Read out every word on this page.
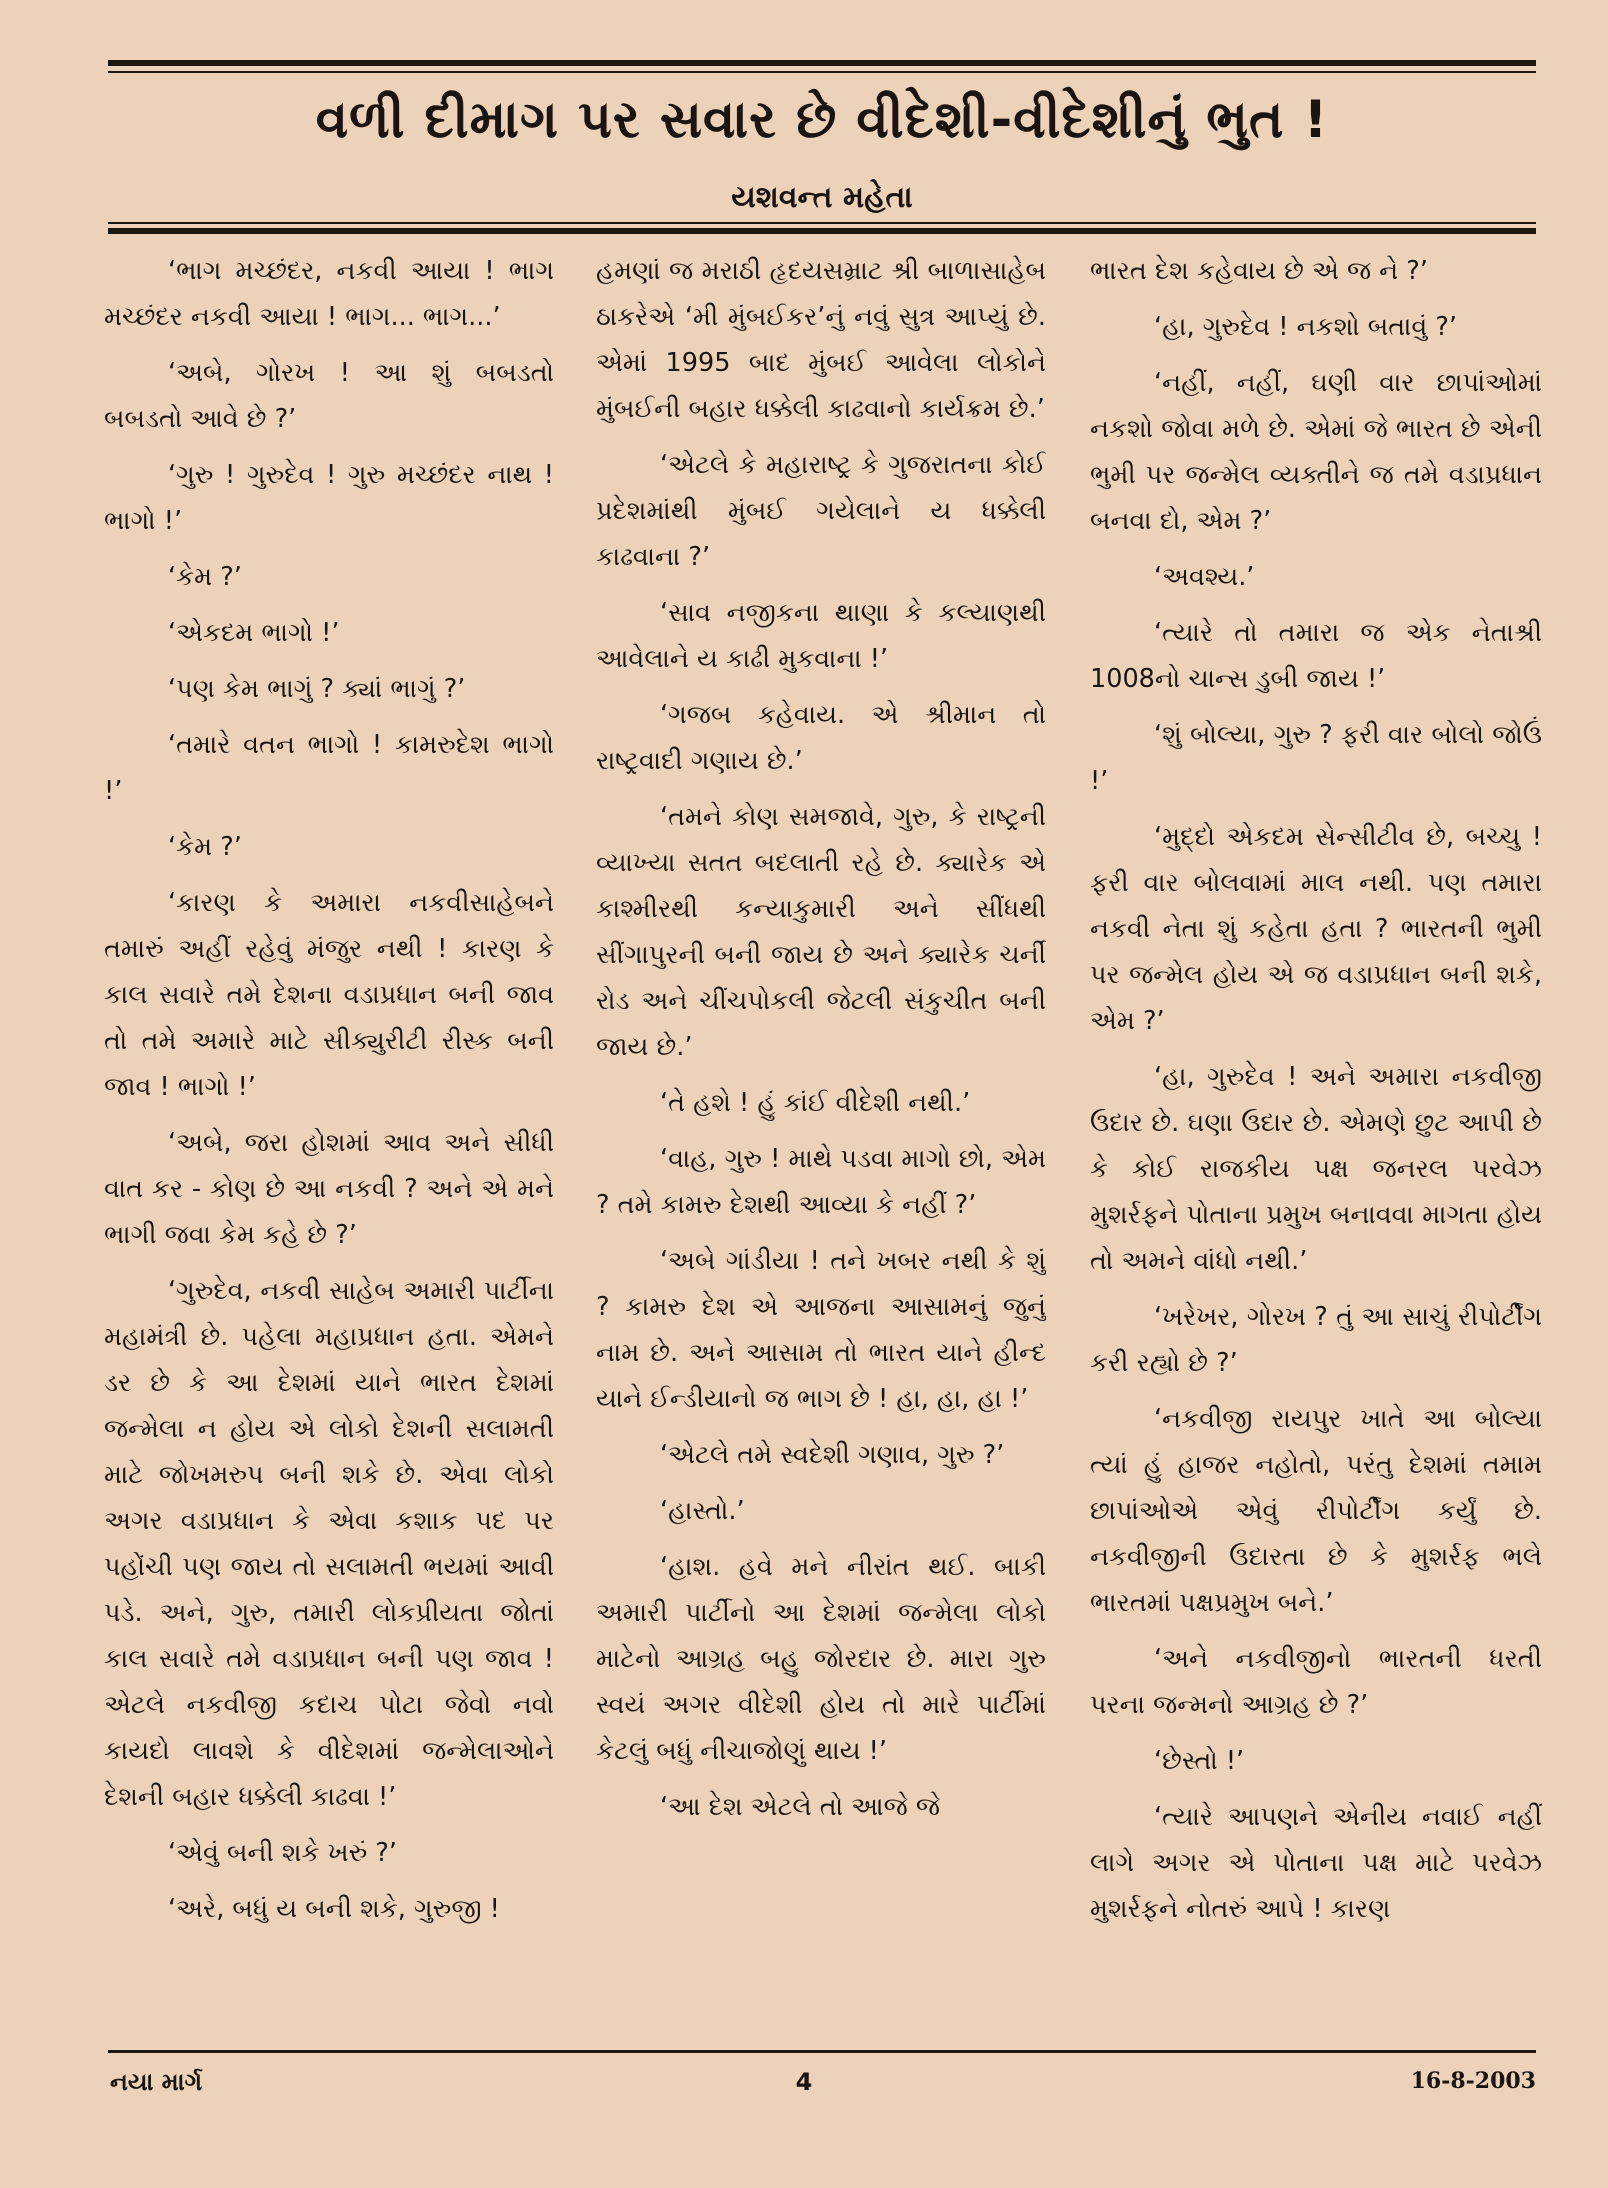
વળી દીમાગ પર સવાર છે વીદેશી-વીદેશીનું ભુત !
યશવન્ત મહેતા

‘ભાગ મચ્છંદર, નકવી આયા ! ભાગ મચ્છંદર નકવી આયા ! ભાગ... ભાગ...’

‘અબે, ગોરખ ! આ શું બબડતો બબડતો આવે છે ?’

‘ગુરુ ! ગુરુદેવ ! ગુરુ મચ્છંદર નાથ ! ભાગો !’

‘કેમ ?’

‘એકદમ ભાગો !’

‘પણ કેમ ભાગું ? ક્યાં ભાગું ?’

‘તમારે વતન ભાગો ! કામરુદેશ ભાગો !’

‘કેમ ?’

‘કારણ કે અમારા નકવીસાહેબને તમારું અહીં રહેવું મંજુર નથી ! કારણ કે કાલ સવારે તમે દેશના વડાપ્રધાન બની જાવ તો તમે અમારે માટે સીક્યુરીટી રીસ્ક બની જાવ ! ભાગો !’

‘અબે, જરા હોશમાં આવ અને સીધી વાત કર - કોણ છે આ નકવી ? અને એ મને ભાગી જવા કેમ કહે છે ?’

‘ગુરુદેવ, નકવી સાહેબ અમારી પાર્ટીના મહામંત્રી છે. પહેલા મહાપ્રધાન હતા. એમને ડર છે કે આ દેશમાં યાને ભારત દેશમાં જન્મેલા ન હોય એ લોકો દેશની સલામતી માટે જોખમરુપ બની શકે છે. એવા લોકો અગર વડાપ્રધાન કે એવા કશાક પદ પર પહોંચી પણ જાય તો સલામતી ભયમાં આવી પડે. અને, ગુરુ, તમારી લોકપ્રીયતા જોતાં કાલ સવારે તમે વડાપ્રધાન બની પણ જાવ ! એટલે નકવીજી કદાચ પોટા જેવો નવો કાયદો લાવશે કે વીદેશમાં જન્મેલાઓને દેશની બહાર ધક્કેલી કાઢવા !’

‘એવું બની શકે ખરું ?’

‘અરે, બધું ય બની શકે, ગુરુજી !

હમણાં જ મરાઠી હૃદયસમ્રાટ શ્રી બાળાસાહેબ ઠાકરેએ ‘મી મુંબઈકર’નું નવું સુત્ર આપ્યું છે. એમાં 1995 બાદ મુંબઈ આવેલા લોકોને મુંબઈની બહાર ધક્કેલી કાઢવાનો કાર્યક્રમ છે.’

‘એટલે કે મહારાષ્ટ્ર કે ગુજરાતના કોઈ પ્રદેશમાંથી મુંબઈ ગયેલાને ય ધક્કેલી કાઢવાના ?’

‘સાવ નજીકના થાણા કે કલ્યાણથી આવેલાને ય કાઢી મુકવાના !’

‘ગજબ કહેવાય. એ શ્રીમાન તો રાષ્ટ્રવાદી ગણાય છે.’

‘તમને કોણ સમજાવે, ગુરુ, કે રાષ્ટ્રની વ્યાખ્યા સતત બદલાતી રહે છે. ક્યારેક એ કાશ્મીરથી કન્યાકુમારી અને સીંધથી સીંગાપુરની બની જાય છે અને ક્યારેક ચર્ની રોડ અને ચીંચપોકલી જેટલી સંકુચીત બની જાય છે.’

‘તે હશે ! હું કાંઈ વીદેશી નથી.’

‘વાહ, ગુરુ ! માથે પડવા માગો છો, એમ ? તમે કામરુ દેશથી આવ્યા કે નહીં ?’

‘અબે ગાંડીયા ! તને ખબર નથી કે શું ? કામરુ દેશ એ આજના આસામનું જુનું નામ છે. અને આસામ તો ભારત યાને હીન્દ યાને ઈન્ડીયાનો જ ભાગ છે ! હા, હા, હા !’

‘એટલે તમે સ્વદેશી ગણાવ, ગુરુ ?’

‘હાસ્તો.’

‘હાશ. હવે મને નીરાંત થઈ. બાકી અમારી પાર્ટીનો આ દેશમાં જન્મેલા લોકો માટેનો આગ્રહ બહુ જોરદાર છે. મારા ગુરુ સ્વયં અગર વીદેશી હોય તો મારે પાર્ટીમાં કેટલું બધું નીચાજોણું થાય !’

‘આ દેશ એટલે તો આજે જે

ભારત દેશ કહેવાય છે એ જ ને ?’

‘હા, ગુરુદેવ ! નકશો બતાવું ?’

‘નહીં, નહીં, ઘણી વાર છાપાંઓમાં નકશો જોવા મળે છે. એમાં જે ભારત છે એની ભુમી પર જન્મેલ વ્યક્તીને જ તમે વડાપ્રધાન બનવા દો, એમ ?’

‘અવશ્ય.’

‘ત્યારે તો તમારા જ એક નેતાશ્રી 1008નો ચાન્સ ડુબી જાય !’

‘શું બોલ્યા, ગુરુ ? ફરી વાર બોલો જોઉં !’

‘મુદ્દો એકદમ સેન્સીટીવ છે, બચ્ચુ ! ફરી વાર બોલવામાં માલ નથી. પણ તમારા નકવી નેતા શું કહેતા હતા ? ભારતની ભુમી પર જન્મેલ હોય એ જ વડાપ્રધાન બની શકે, એમ ?’

‘હા, ગુરુદેવ ! અને અમારા નકવીજી ઉદાર છે. ઘણા ઉદાર છે. એમણે છુટ આપી છે કે કોઈ રાજકીય પક્ષ જનરલ પરવેઝ મુશર્રફને પોતાના પ્રમુખ બનાવવા માગતા હોય તો અમને વાંધો નથી.’

‘ખરેખર, ગોરખ ? તું આ સાચું રીપોર્ટીંગ કરી રહ્યો છે ?’

‘નકવીજી રાયપુર ખાતે આ બોલ્યા ત્યાં હું હાજર નહોતો, પરંતુ દેશમાં તમામ છાપાંઓએ એવું રીપોર્ટીંગ કર્યું છે. નકવીજીની ઉદારતા છે કે મુશર્રફ ભલે ભારતમાં પક્ષપ્રમુખ બને.’

‘અને નકવીજીનો ભારતની ધરતી પરના જન્મનો આગ્રહ છે ?’

‘છેસ્તો !’

‘ત્યારે આપણને એનીય નવાઈ નહીં લાગે અગર એ પોતાના પક્ષ માટે પરવેઝ મુશર્રફને નોતરું આપે ! કારણ

નયા માર્ગ	4	16-8-2003
